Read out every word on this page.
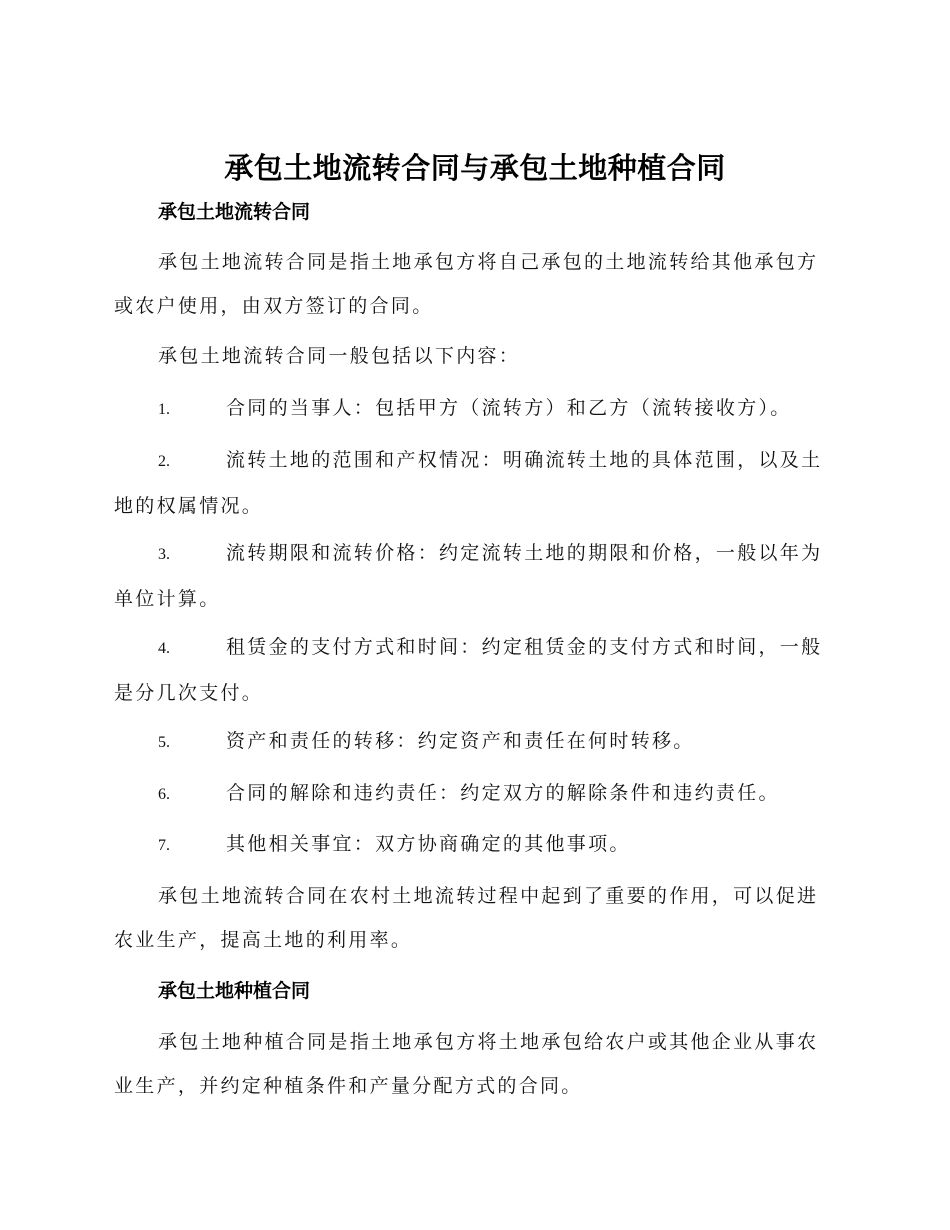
承包土地流转合同与承包土地种植合同
承包土地流转合同

承包土地流转合同是指土地承包方将自己承包的土地流转给其他承包方或农户使用，由双方签订的合同。

承包土地流转合同一般包括以下内容：

1.	合同的当事人：包括甲方（流转方）和乙方（流转接收方）。

2.	流转土地的范围和产权情况：明确流转土地的具体范围，以及土地的权属情况。

3.	流转期限和流转价格：约定流转土地的期限和价格，一般以年为单位计算。

4.	租赁金的支付方式和时间：约定租赁金的支付方式和时间，一般是分几次支付。

5.	资产和责任的转移：约定资产和责任在何时转移。

6.	合同的解除和违约责任：约定双方的解除条件和违约责任。

7.	其他相关事宜：双方协商确定的其他事项。

承包土地流转合同在农村土地流转过程中起到了重要的作用，可以促进农业生产，提高土地的利用率。

承包土地种植合同

承包土地种植合同是指土地承包方将土地承包给农户或其他企业从事农业生产，并约定种植条件和产量分配方式的合同。
